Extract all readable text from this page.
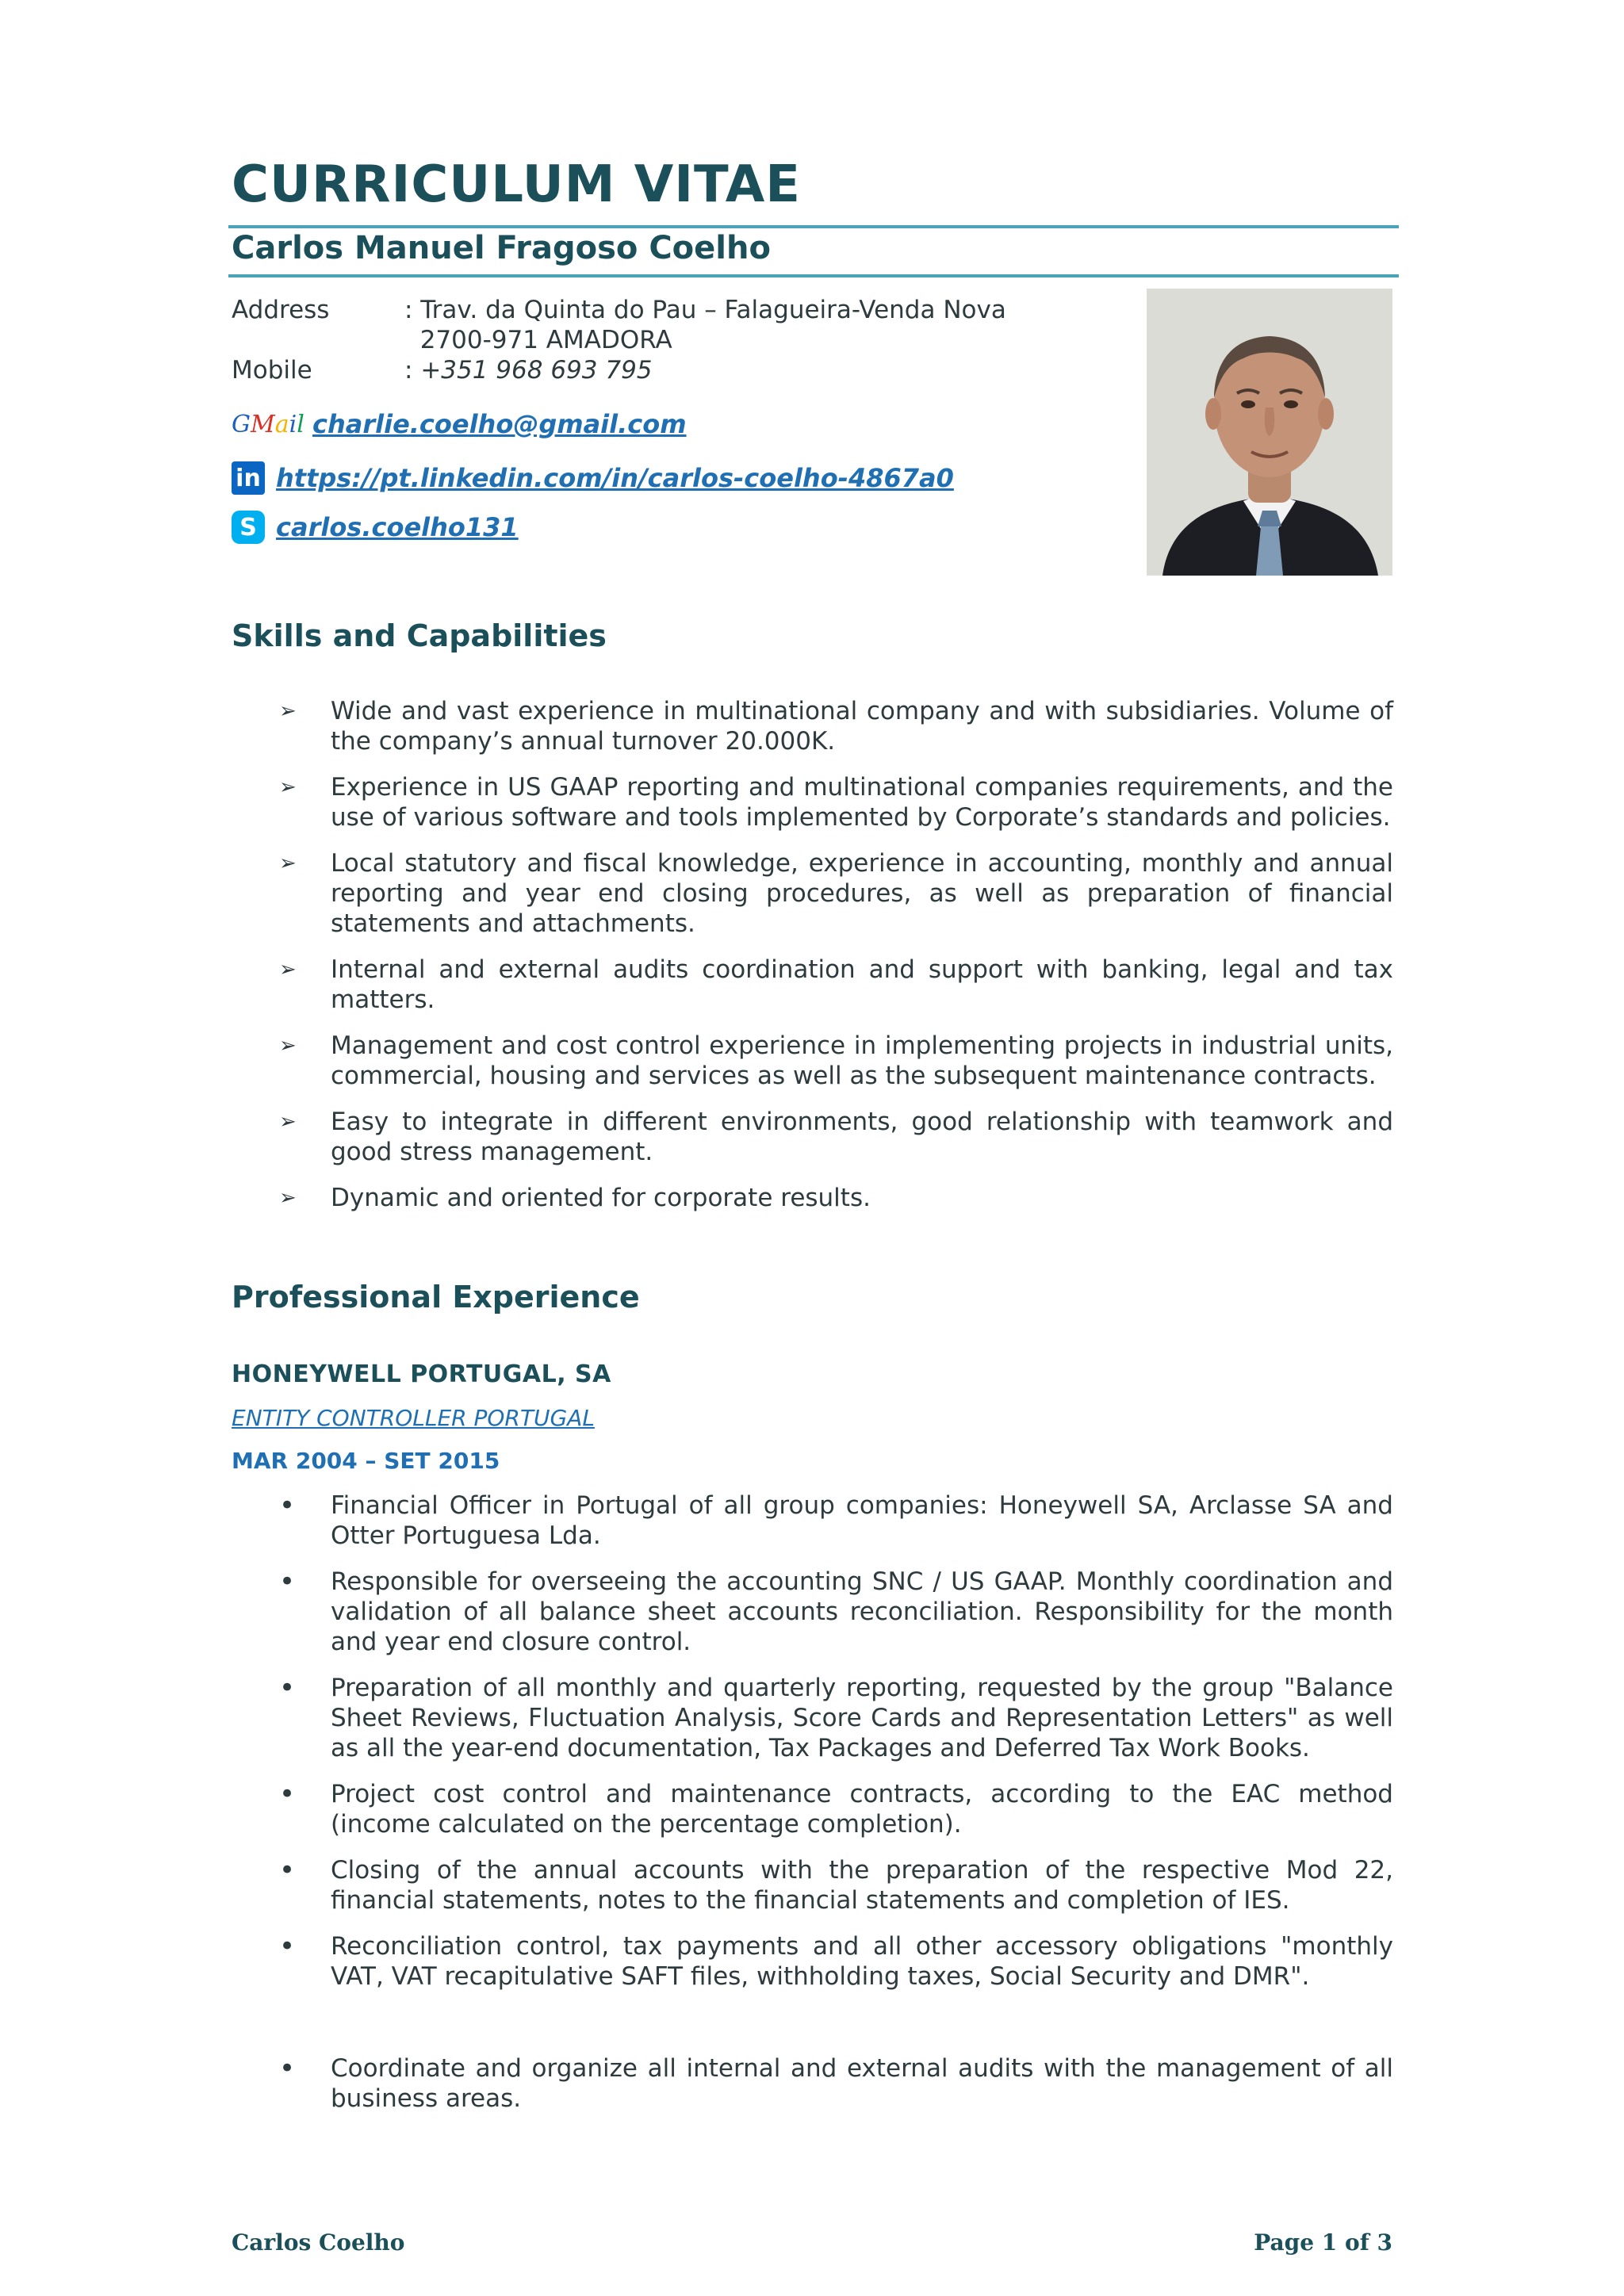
CURRICULUM VITAE
Carlos Manuel Fragoso Coelho
Address	: Trav. da Quinta do Pau – Falagueira-Venda Nova
2700-971 AMADORA
Mobile	: +351 968 693 795
GMail charlie.coelho@gmail.com
in https://pt.linkedin.com/in/carlos-coelho-4867a0
S carlos.coelho131
Skills and Capabilities
➢	Wide and vast experience in multinational company and with subsidiaries. Volume of the company’s annual turnover 20.000K.
➢	Experience in US GAAP reporting and multinational companies requirements, and the use of various software and tools implemented by Corporate’s standards and policies.
➢	Local statutory and fiscal knowledge, experience in accounting, monthly and annual reporting and year end closing procedures, as well as preparation of financial statements and attachments.
➢	Internal and external audits coordination and support with banking, legal and tax matters.
➢	Management and cost control experience in implementing projects in industrial units, commercial, housing and services as well as the subsequent maintenance contracts.
➢	Easy to integrate in different environments, good relationship with teamwork and good stress management.
➢	Dynamic and oriented for corporate results.
Professional Experience

HONEYWELL PORTUGAL, SA

ENTITY CONTROLLER PORTUGAL

MAR 2004 – SET 2015

•	Financial Officer in Portugal of all group companies: Honeywell SA, Arclasse SA and Otter Portuguesa Lda.
•	Responsible for overseeing the accounting SNC / US GAAP. Monthly coordination and validation of all balance sheet accounts reconciliation. Responsibility for the month and year end closure control.
•	Preparation of all monthly and quarterly reporting, requested by the group "Balance Sheet Reviews, Fluctuation Analysis, Score Cards and Representation Letters" as well as all the year-end documentation, Tax Packages and Deferred Tax Work Books.
•	Project cost control and maintenance contracts, according to the EAC method (income calculated on the percentage completion).
•	Closing of the annual accounts with the preparation of the respective Mod 22, financial statements, notes to the financial statements and completion of IES.
•	Reconciliation control, tax payments and all other accessory obligations "monthly VAT, VAT recapitulative SAFT files, withholding taxes, Social Security and DMR".
•	Coordinate and organize all internal and external audits with the management of all business areas.
Carlos Coelho	Page 1 of 3
